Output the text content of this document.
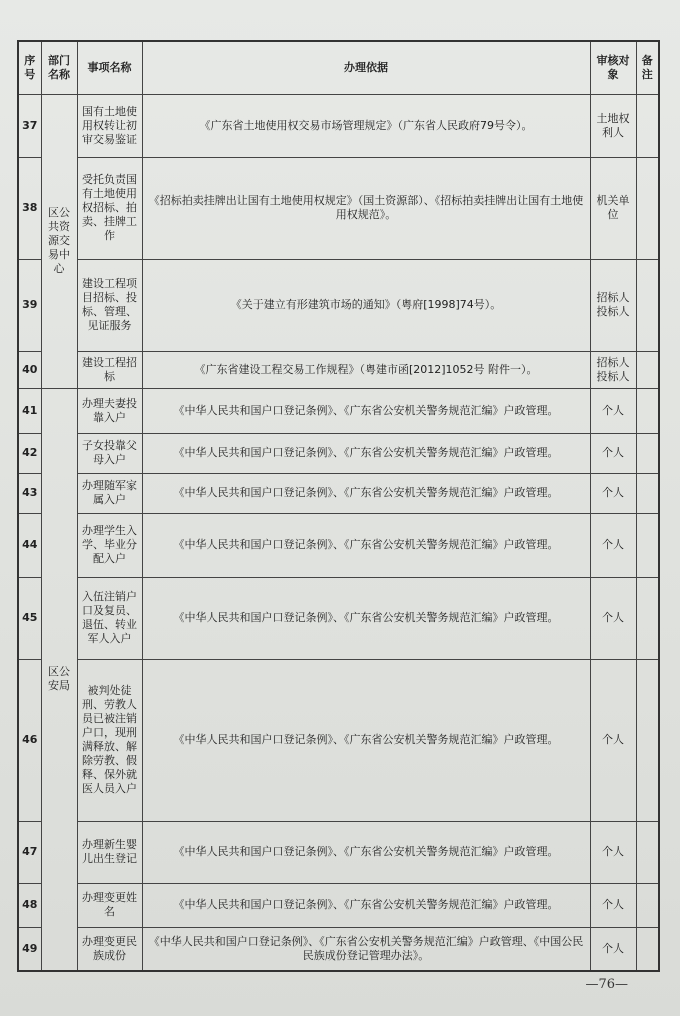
序号	部门名称	事项名称	办理依据	审核对象	备注
37	区公共资源交易中心	国有土地使用权转让初审交易鉴证	《广东省土地使用权交易市场管理规定》（广东省人民政府79号令）。	土地权利人	
38		受托负责国有土地使用权招标、拍卖、挂牌工作	《招标拍卖挂牌出让国有土地使用权规定》（国土资源部）、《招标拍卖挂牌出让国有土地使用权规范》。	机关单位	
39		建设工程项目招标、投标、管理、见证服务	《关于建立有形建筑市场的通知》（粤府[1998]74号）。	招标人投标人	
40		建设工程招标	《广东省建设工程交易工作规程》（粤建市函[2012]1052号 附件一）。	招标人投标人	
41	区公安局	办理夫妻投靠入户	《中华人民共和国户口登记条例》、《广东省公安机关警务规范汇编》户政管理。	个人	
42		子女投靠父母入户	《中华人民共和国户口登记条例》、《广东省公安机关警务规范汇编》户政管理。	个人	
43		办理随军家属入户	《中华人民共和国户口登记条例》、《广东省公安机关警务规范汇编》户政管理。	个人	
44		办理学生入学、毕业分配入户	《中华人民共和国户口登记条例》、《广东省公安机关警务规范汇编》户政管理。	个人	
45		入伍注销户口及复员、退伍、转业军人入户	《中华人民共和国户口登记条例》、《广东省公安机关警务规范汇编》户政管理。	个人	
46		被判处徒刑、劳教人员已被注销户口，现刑满释放、解除劳教、假释、保外就医人员入户	《中华人民共和国户口登记条例》、《广东省公安机关警务规范汇编》户政管理。	个人	
47		办理新生婴儿出生登记	《中华人民共和国户口登记条例》、《广东省公安机关警务规范汇编》户政管理。	个人	
48		办理变更姓名	《中华人民共和国户口登记条例》、《广东省公安机关警务规范汇编》户政管理。	个人	
49		办理变更民族成份	《中华人民共和国户口登记条例》、《广东省公安机关警务规范汇编》户政管理、《中国公民民族成份登记管理办法》。	个人	
—76—
